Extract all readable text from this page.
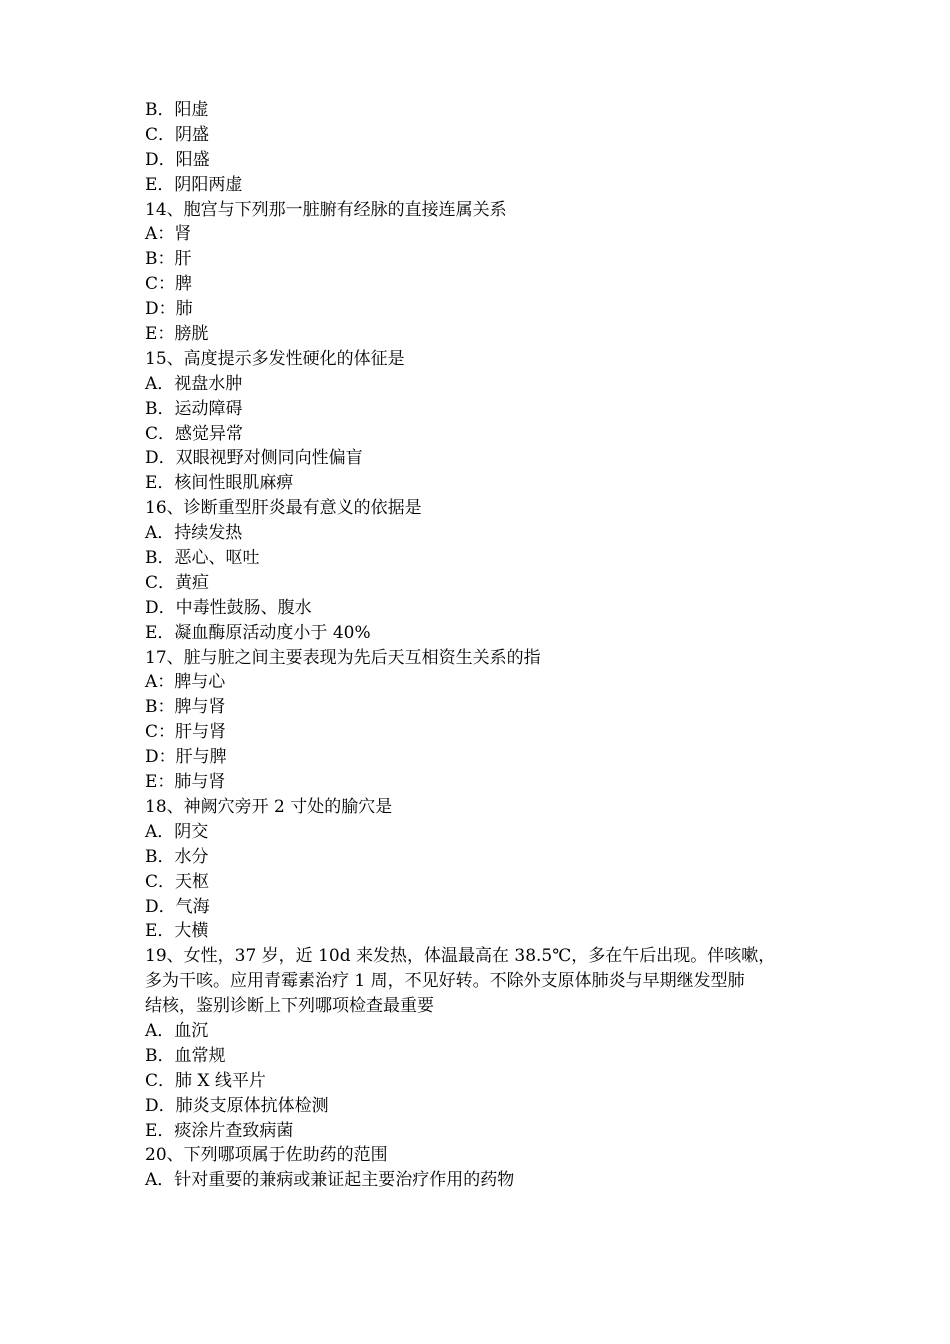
B．阳虚
C．阴盛
D．阳盛
E．阴阳两虚
14、胞宫与下列那一脏腑有经脉的直接连属关系
A：肾
B：肝
C：脾
D：肺
E：膀胱
15、高度提示多发性硬化的体征是
A．视盘水肿
B．运动障碍
C．感觉异常
D．双眼视野对侧同向性偏盲
E．核间性眼肌麻痹
16、诊断重型肝炎最有意义的依据是
A．持续发热
B．恶心、呕吐
C．黄疸
D．中毒性鼓肠、腹水
E．凝血酶原活动度小于 40%
17、脏与脏之间主要表现为先后天互相资生关系的指
A：脾与心
B：脾与肾
C：肝与肾
D：肝与脾
E：肺与肾
18、神阙穴旁开 2 寸处的腧穴是
A．阴交
B．水分
C．天枢
D．气海
E．大横
19、女性，37 岁，近 10d 来发热，体温最高在 38.5℃，多在午后出现。伴咳嗽，
多为干咳。应用青霉素治疗 1 周，不见好转。不除外支原体肺炎与早期继发型肺
结核，鉴别诊断上下列哪项检查最重要
A．血沉
B．血常规
C．肺 X 线平片
D．肺炎支原体抗体检测
E．痰涂片查致病菌
20、下列哪项属于佐助药的范围
A．针对重要的兼病或兼证起主要治疗作用的药物
